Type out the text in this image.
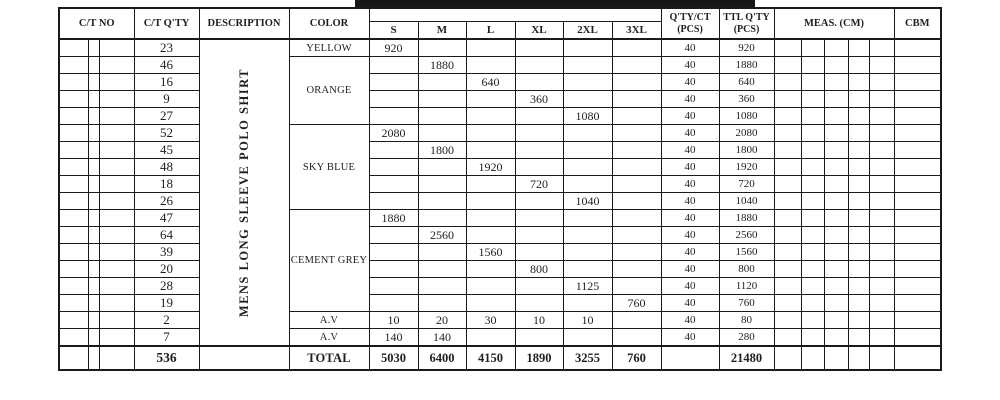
C/T NO			C/T Q'TY	DESCRIPTION	COLOR							Q'TY/CT
(PCS)	TTL Q'TY
(PCS)	MEAS. (CM)					CBM
						S	M	L	XL	2XL	3XL								
			23	MENS LONG SLEEVE POLO SHIRT	YELLOW	920						40	920						
			46		ORANGE		1880					40	1880						
			16					640				40	640						
			9						360			40	360						
			27							1080		40	1080						
			52		SKY BLUE	2080						40	2080						
			45				1800					40	1800						
			48					1920				40	1920						
			18						720			40	720						
			26							1040		40	1040						
			47		CEMENT GREY	1880						40	1880						
			64				2560					40	2560						
			39					1560				40	1560						
			20						800			40	800						
			28							1125		40	1120						
			19								760	40	760						
			2		A.V	10	20	30	10	10		40	80						
			7		A.V	140	140					40	280						
			536		TOTAL	5030	6400	4150	1890	3255	760		21480						
